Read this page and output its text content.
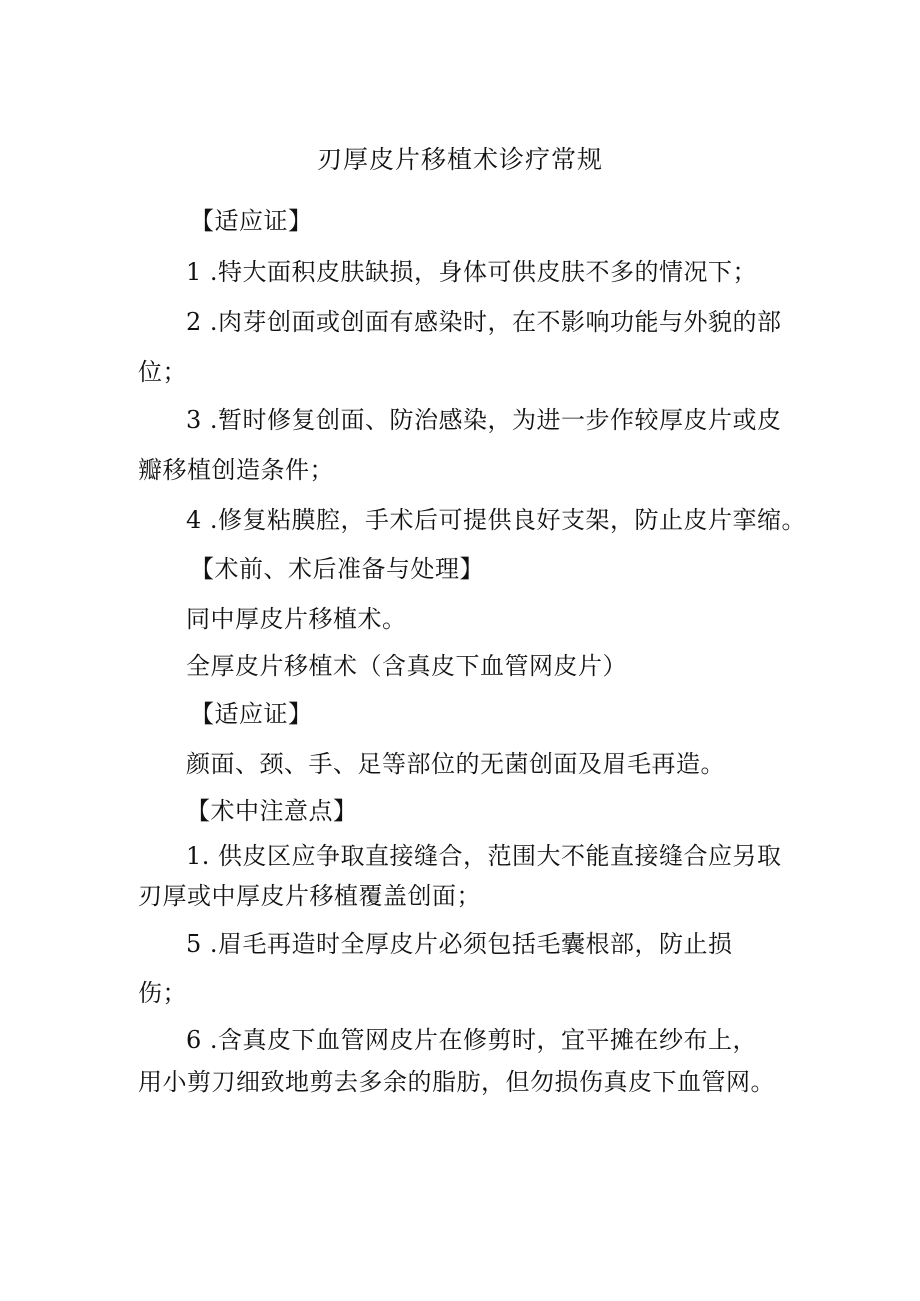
刃厚皮片移植术诊疗常规
【适应证】
1 .特大面积皮肤缺损，身体可供皮肤不多的情况下；
2 .肉芽创面或创面有感染时，在不影响功能与外貌的部
位；
3 .暂时修复创面、防治感染，为进一步作较厚皮片或皮
瓣移植创造条件；
4 .修复粘膜腔，手术后可提供良好支架，防止皮片挛缩。
【术前、术后准备与处理】
同中厚皮片移植术。
全厚皮片移植术（含真皮下血管网皮片）
【适应证】
颜面、颈、手、足等部位的无菌创面及眉毛再造。
【术中注意点】
1. 供皮区应争取直接缝合，范围大不能直接缝合应另取
刃厚或中厚皮片移植覆盖创面；
5 .眉毛再造时全厚皮片必须包括毛囊根部，防止损
伤；
6 .含真皮下血管网皮片在修剪时，宜平摊在纱布上，
用小剪刀细致地剪去多余的脂肪，但勿损伤真皮下血管网。
